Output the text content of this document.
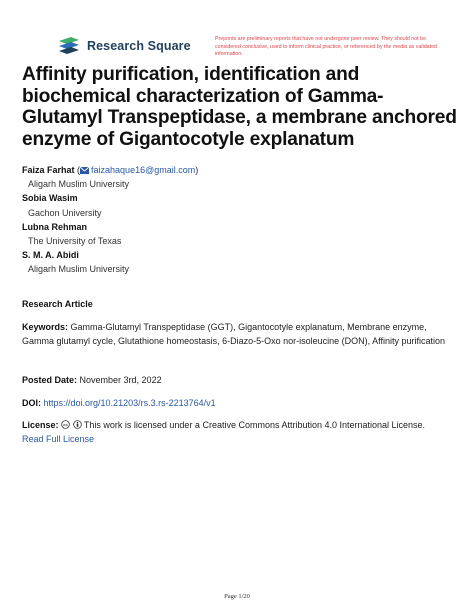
Research Square	Preprints are preliminary reports that have not undergone peer review. They should not be considered conclusive, used to inform clinical practice, or referenced by the media as validated information.
Affinity purification, identification and biochemical characterization of Gamma-Glutamyl Transpeptidase, a membrane anchored enzyme of Gigantocotyle explanatum
Faiza Farhat ( faizahaque16@gmail.com)
Aligarh Muslim University
Sobia Wasim
Gachon University
Lubna Rehman
The University of Texas
S. M. A. Abidi
Aligarh Muslim University
Research Article
Keywords: Gamma-Glutamyl Transpeptidase (GGT), Gigantocotyle explanatum, Membrane enzyme, Gamma glutamyl cycle, Glutathione homeostasis, 6-Diazo-5-Oxo nor-isoleucine (DON), Affinity purification
Posted Date: November 3rd, 2022
DOI: https://doi.org/10.21203/rs.3.rs-2213764/v1
License: cc This work is licensed under a Creative Commons Attribution 4.0 International License.
Read Full License
Page 1/20
